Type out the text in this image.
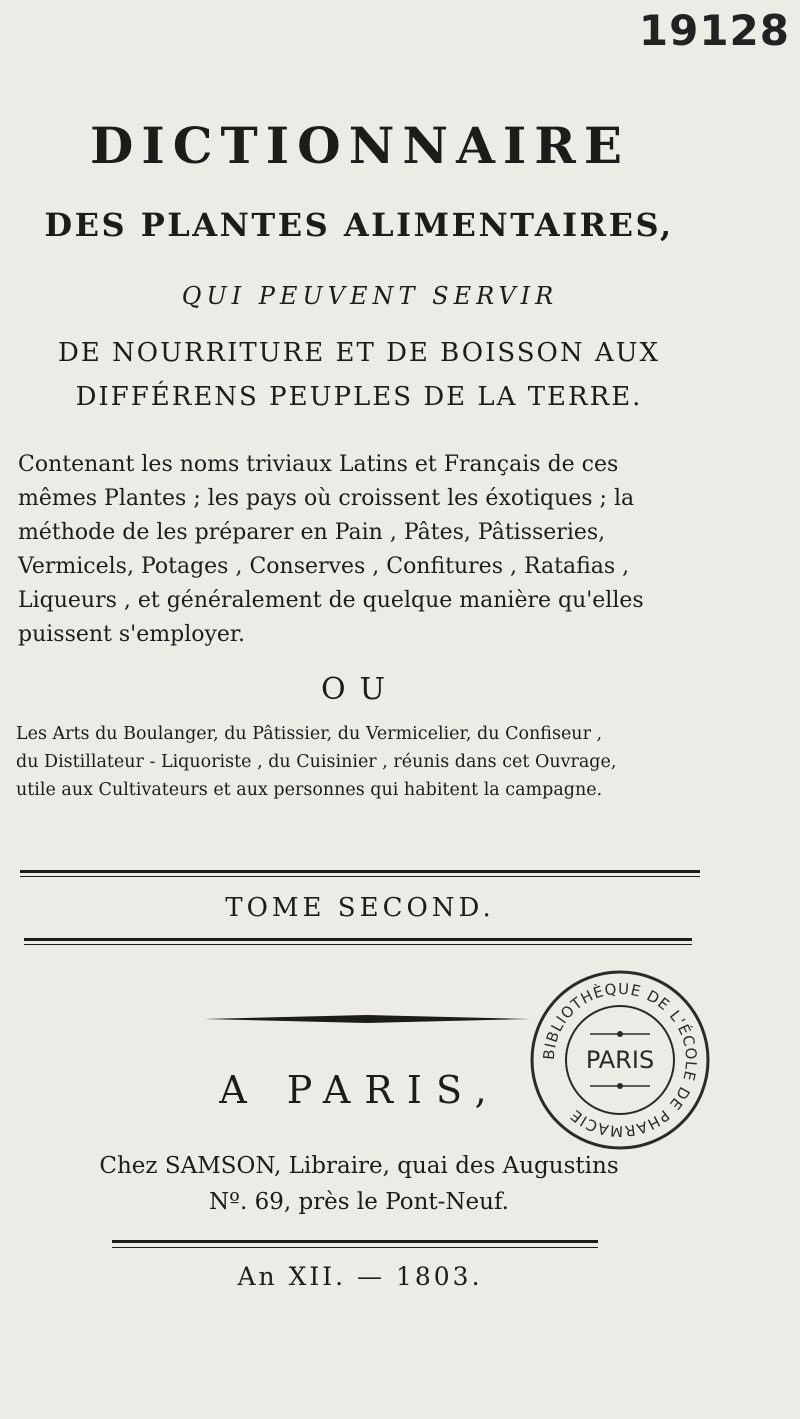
19128
DICTIONNAIRE
DES PLANTES ALIMENTAIRES,
QUI PEUVENT SERVIR
DE NOURRITURE ET DE BOISSON AUX
DIFFÉRENS PEUPLES DE LA TERRE.

Contenant les noms triviaux Latins et Français de ces

mêmes Plantes ; les pays où croissent les éxotiques ; la

méthode de les préparer en Pain , Pâtes, Pâtisseries,

Vermicels, Potages , Conserves , Confitures , Ratafias ,

Liqueurs , et généralement de quelque manière qu'elles

puissent s'employer.

OU

Les Arts du Boulanger, du Pâtissier, du Vermicelier, du Confiseur ,

du Distillateur - Liquoriste , du Cuisinier , réunis dans cet Ouvrage,

utile aux Cultivateurs et aux personnes qui habitent la campagne.

TOME SECOND.
BIBLIOTHÈQUE DE L'ÉCOLE DE PHARMACIE
PARIS
A PARIS,

Chez SAMSON, Libraire, quai des Augustins

Nº. 69, près le Pont-Neuf.

An XII. — 1803.
